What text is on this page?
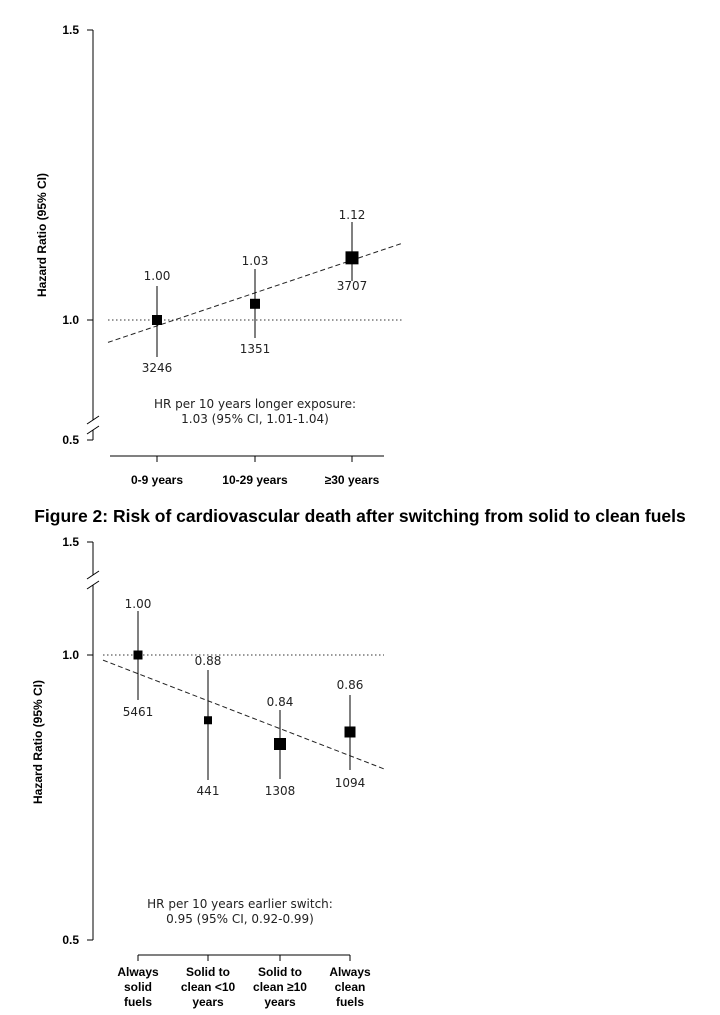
1.5
1.0
0.5
Hazard Ratio (95% CI)	1.00
3246
1.03
1351
1.12
3707
0-9 years	10-29 years	≥30 years
HR per 10 years longer exposure:
1.03 (95% CI, 1.01-1.04)
Figure 2: Risk of cardiovascular death after switching from solid to clean fuels
1.5
1.0
0.5
Hazard Ratio (95% CI)
1.00
5461
0.88
441
0.84
1308
0.86
1094
Always
solid
fuels
Solid to
clean <10
years
Solid to
clean ≥10
years
Always
clean
fuels
HR per 10 years earlier switch:
0.95 (95% CI, 0.92-0.99)
